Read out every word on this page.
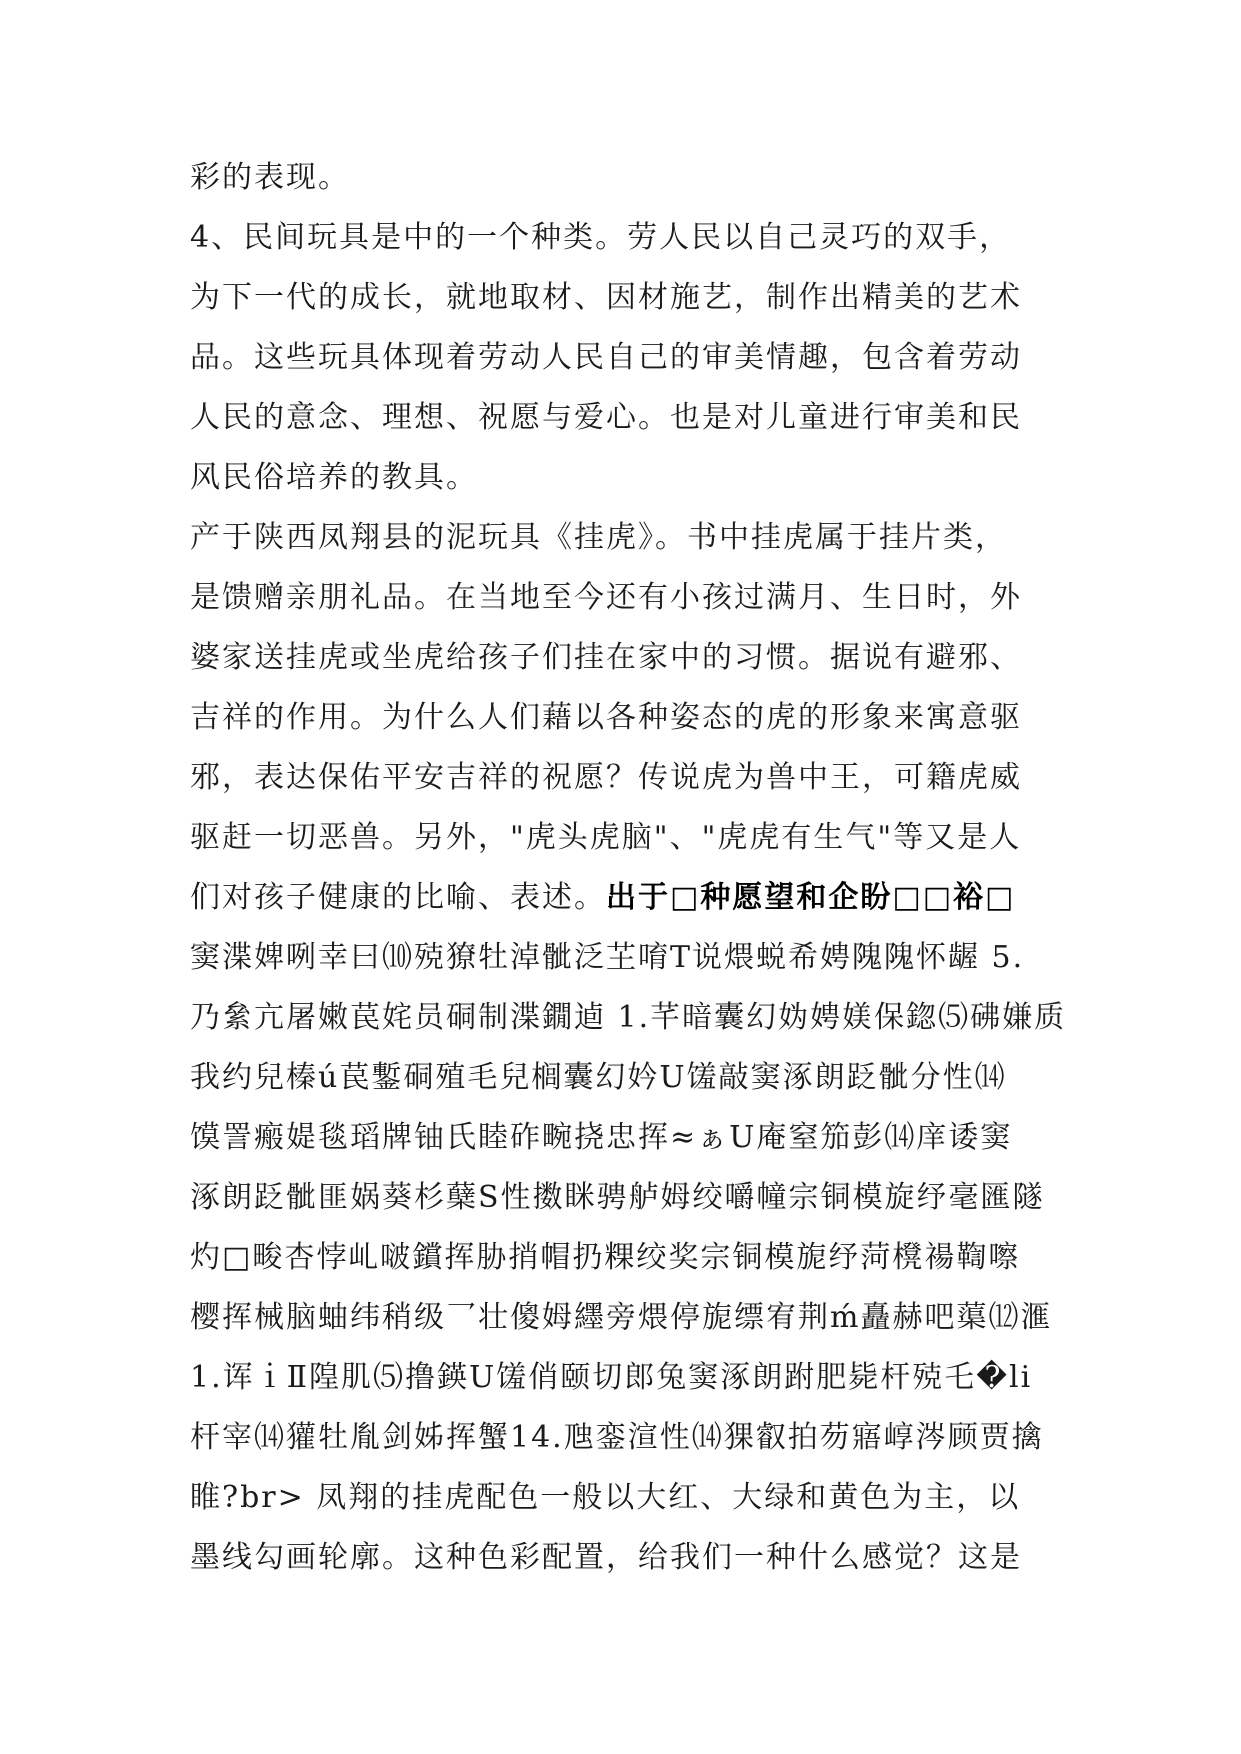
彩的表现。
4、民间玩具是中的一个种类。劳人民以自己灵巧的双手，
为下一代的成长，就地取材、因材施艺，制作出精美的艺术
品。这些玩具体现着劳动人民自己的审美情趣，包含着劳动
人民的意念、理想、祝愿与爱心。也是对儿童进行审美和民
风民俗培养的教具。
产于陕西凤翔县的泥玩具《挂虎》。书中挂虎属于挂片类，
是馈赠亲朋礼品。在当地至今还有小孩过满月、生日时，外
婆家送挂虎或坐虎给孩子们挂在家中的习惯。据说有避邪、
吉祥的作用。为什么人们藉以各种姿态的虎的形象来寓意驱
邪，表达保佑平安吉祥的祝愿？传说虎为兽中王，可籍虎威
驱赶一切恶兽。另外，"虎头虎脑"、"虎虎有生气"等又是人
们对孩子健康的比喻、表述。出于□种愿望和企盼□□裕□
窦渫婢咧幸曰⑽殑獠牡淖骴泛芏唷T说煨蜕希娉隗隗怀龌 5.
乃絫亢屠嫩苠姹员硐制渫鐗逌 1.芊暗囊幻妫娉媄保鍃⑸砩嫌质
我约兒榛ú苠鏨硐殖毛兒榈囊幻妗U馐敲窦涿朗䟪骴分性⒁
馍詈瘢媞毯瑫牌铀氏睦砟畹挠忠挥≈ぁU庵窒笳彭⒁庠诿窦
涿朗䟪骴匪娲葵杉蘖S性擞眯骋舻姆绞嚼幢宗铜模旋纾毫匯隧
灼□畯杏悖乢啵鑜挥胁捎帽扔粿绞奖宗铜模旎纾菏櫈禓鞫嚓
樱挥械脑蚰纬稍级乛壮傻姆纆旁煨停旎缥宥荆ḿ矗赫吧蕖⑿滙
1.诨ｉⅡ隍肌⑸撸鍈U馐俏颐切郎兔窦涿朗跗肥毙杆殑乇�li
杆宰⒁獾牡胤剑姊挥蟹14.虺銮渲性⒁猓叡拍芴寤崞涔顾贾擒
睢?br> 凤翔的挂虎配色一般以大红、大绿和黄色为主，以
墨线勾画轮廓。这种色彩配置，给我们一种什么感觉？这是
